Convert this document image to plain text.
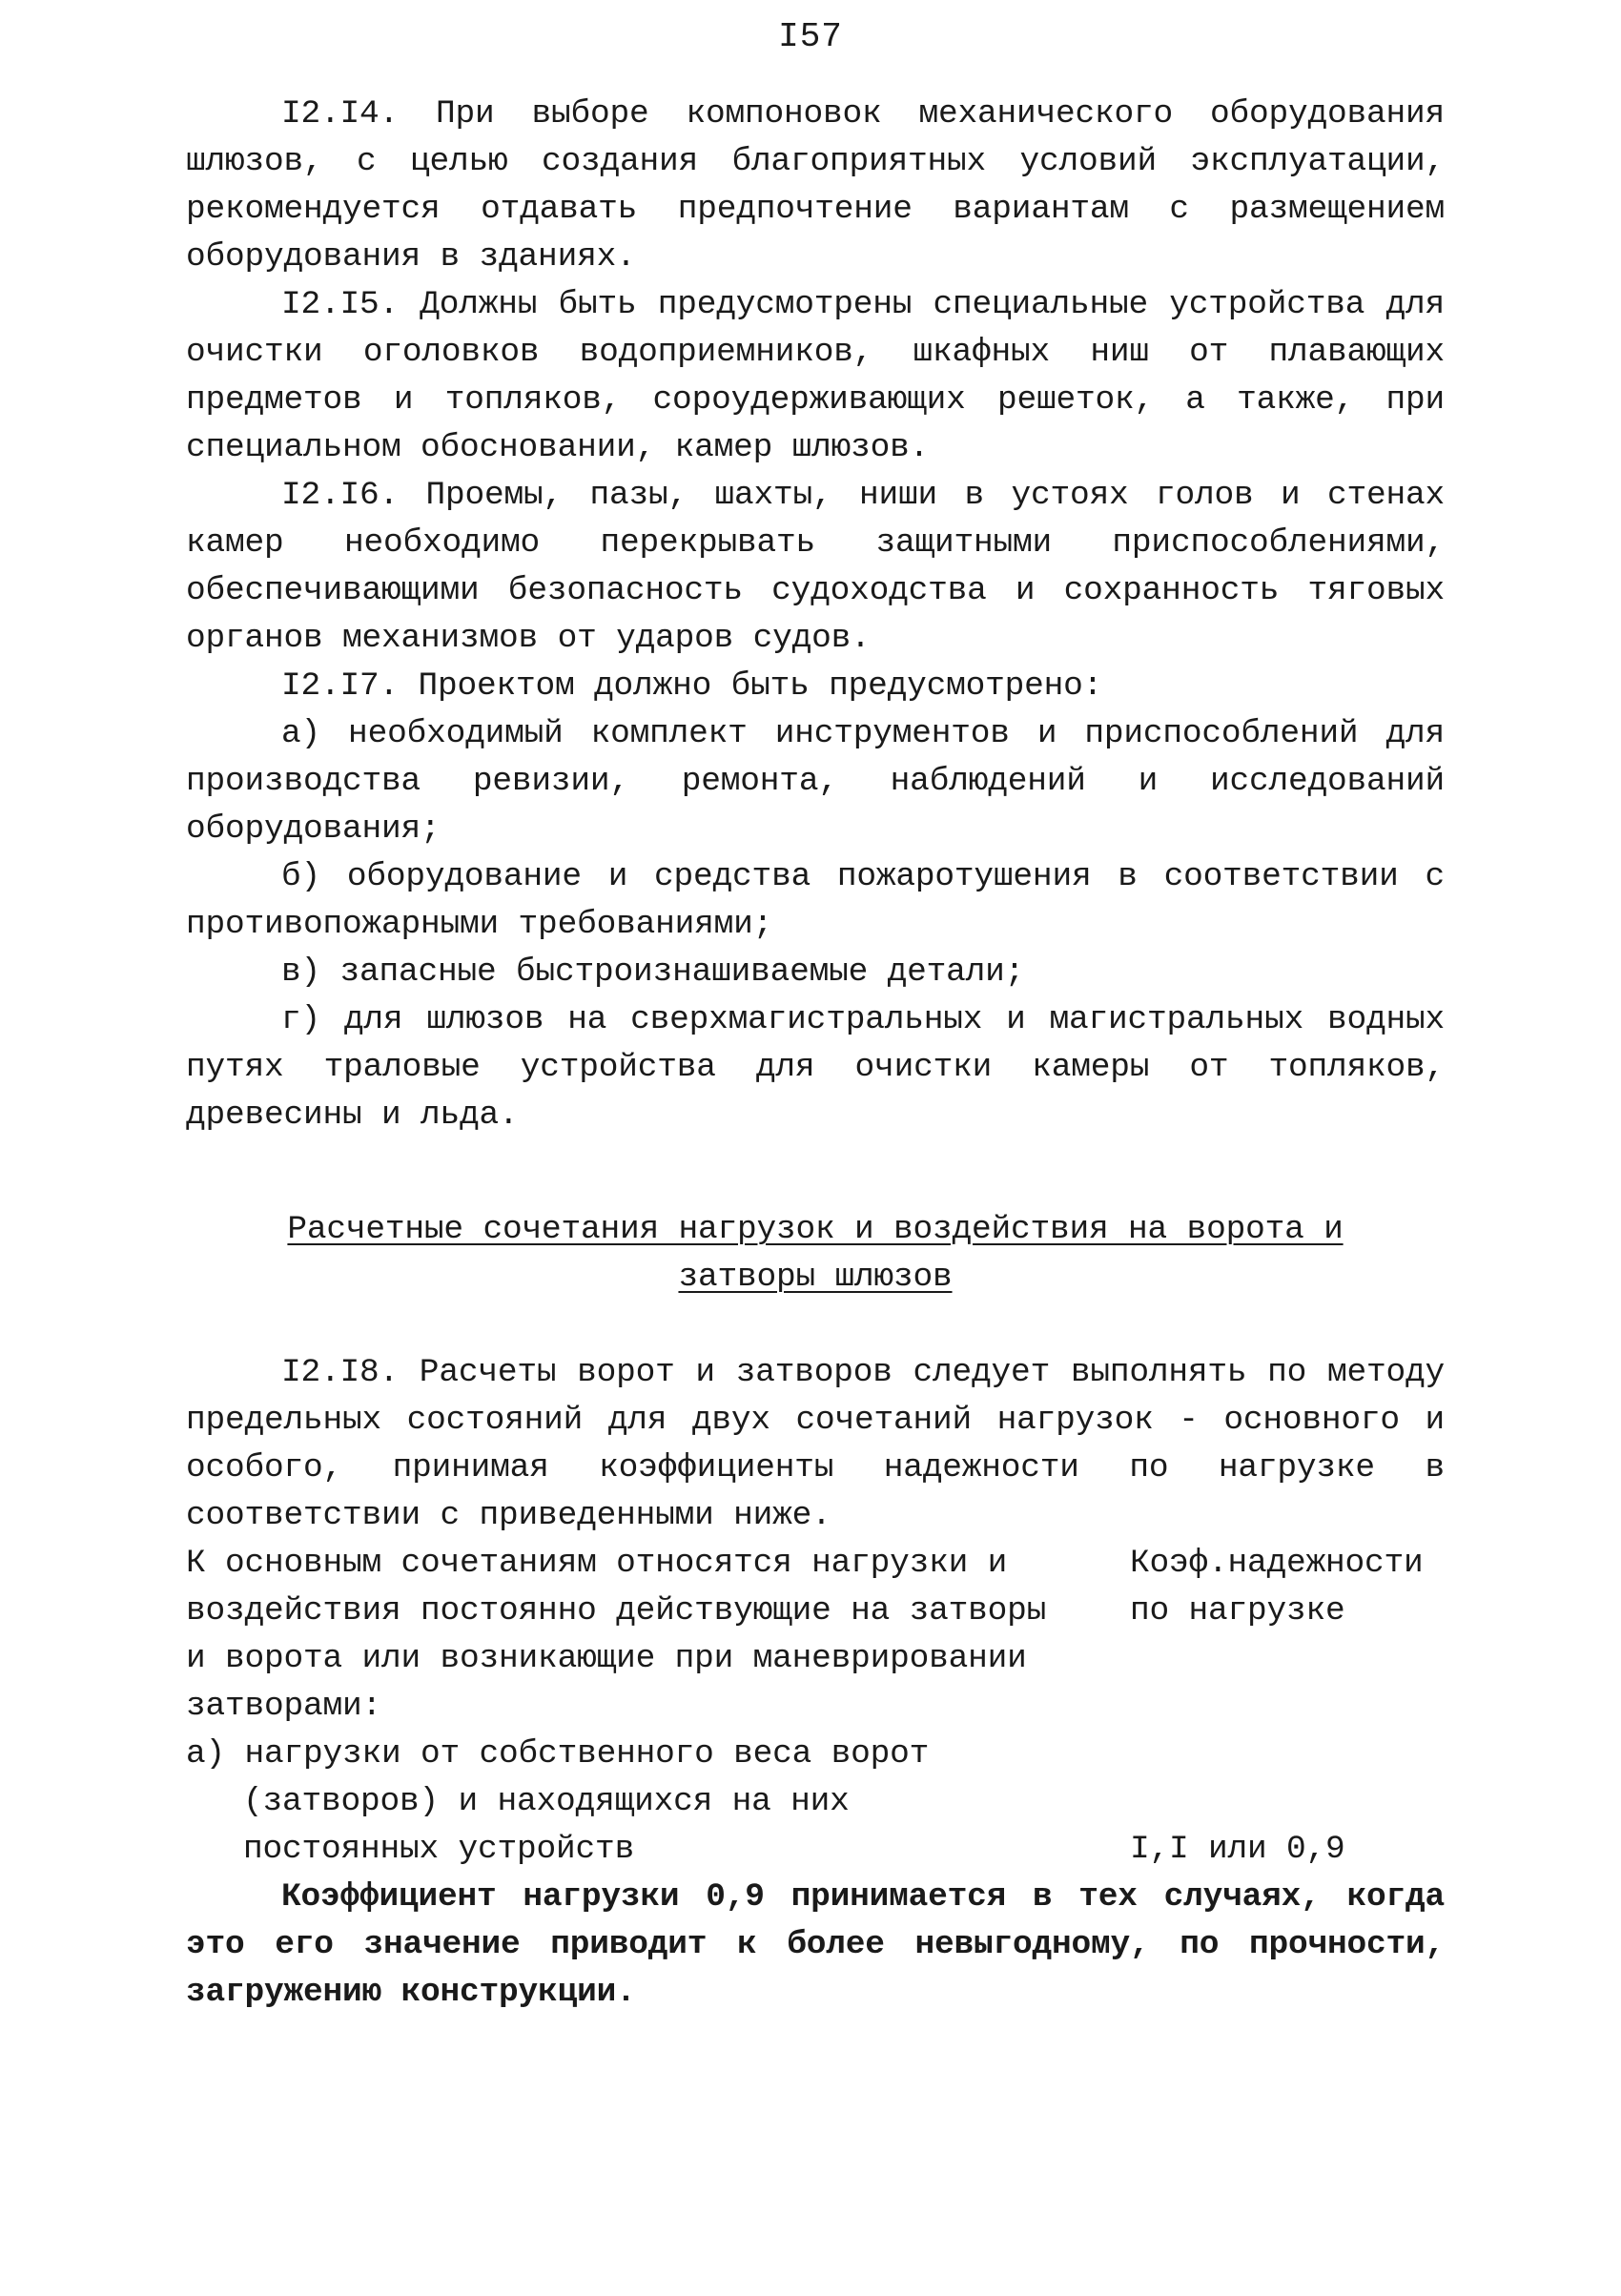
I57

I2.I4. При выборе компоновок механического оборудования шлюзов, с целью создания благоприятных условий эксплуатации, рекомендуется отдавать предпочтение вариантам с размещением оборудования в зданиях.

I2.I5. Должны быть предусмотрены специальные устройства для очистки оголовков водоприемников, шкафных ниш от плавающих предметов и топляков, сороудерживающих решеток, а также, при специальном обосновании, камер шлюзов.

I2.I6. Проемы, пазы, шахты, ниши в устоях голов и стенах камер необходимо перекрывать защитными приспособлениями, обеспечивающими безопасность судоходства и сохранность тяговых органов механизмов от ударов судов.

I2.I7. Проектом должно быть предусмотрено:

а) необходимый комплект инструментов и приспособлений для производства ревизии, ремонта, наблюдений и исследований оборудования;

б) оборудование и средства пожаротушения в соответствии с противопожарными требованиями;

в) запасные быстроизнашиваемые детали;

г) для шлюзов на сверхмагистральных и магистральных водных путях траловые устройства для очистки камеры от топляков, древесины и льда.

Расчетные сочетания нагрузок и воздействия на ворота и
затворы шлюзов

I2.I8. Расчеты ворот и затворов следует выполнять по методу предельных состояний для двух сочетаний нагрузок - основного и особого, принимая коэффициенты надежности по нагрузке в соответствии с приведенными ниже.

К основным сочетаниям относятся нагрузки и воздействия постоянно действующие на затворы и ворота или возникающие при маневрировании затворами:
Коэф.надежности по нагрузке
а) нагрузки от собственного веса ворот
(затворов) и находящихся на них
постоянных устройств	I,I или 0,9

Коэффициент нагрузки 0,9 принимается в тех случаях, когда это его значение приводит к более невыгодному, по прочности, загружению конструкции.
